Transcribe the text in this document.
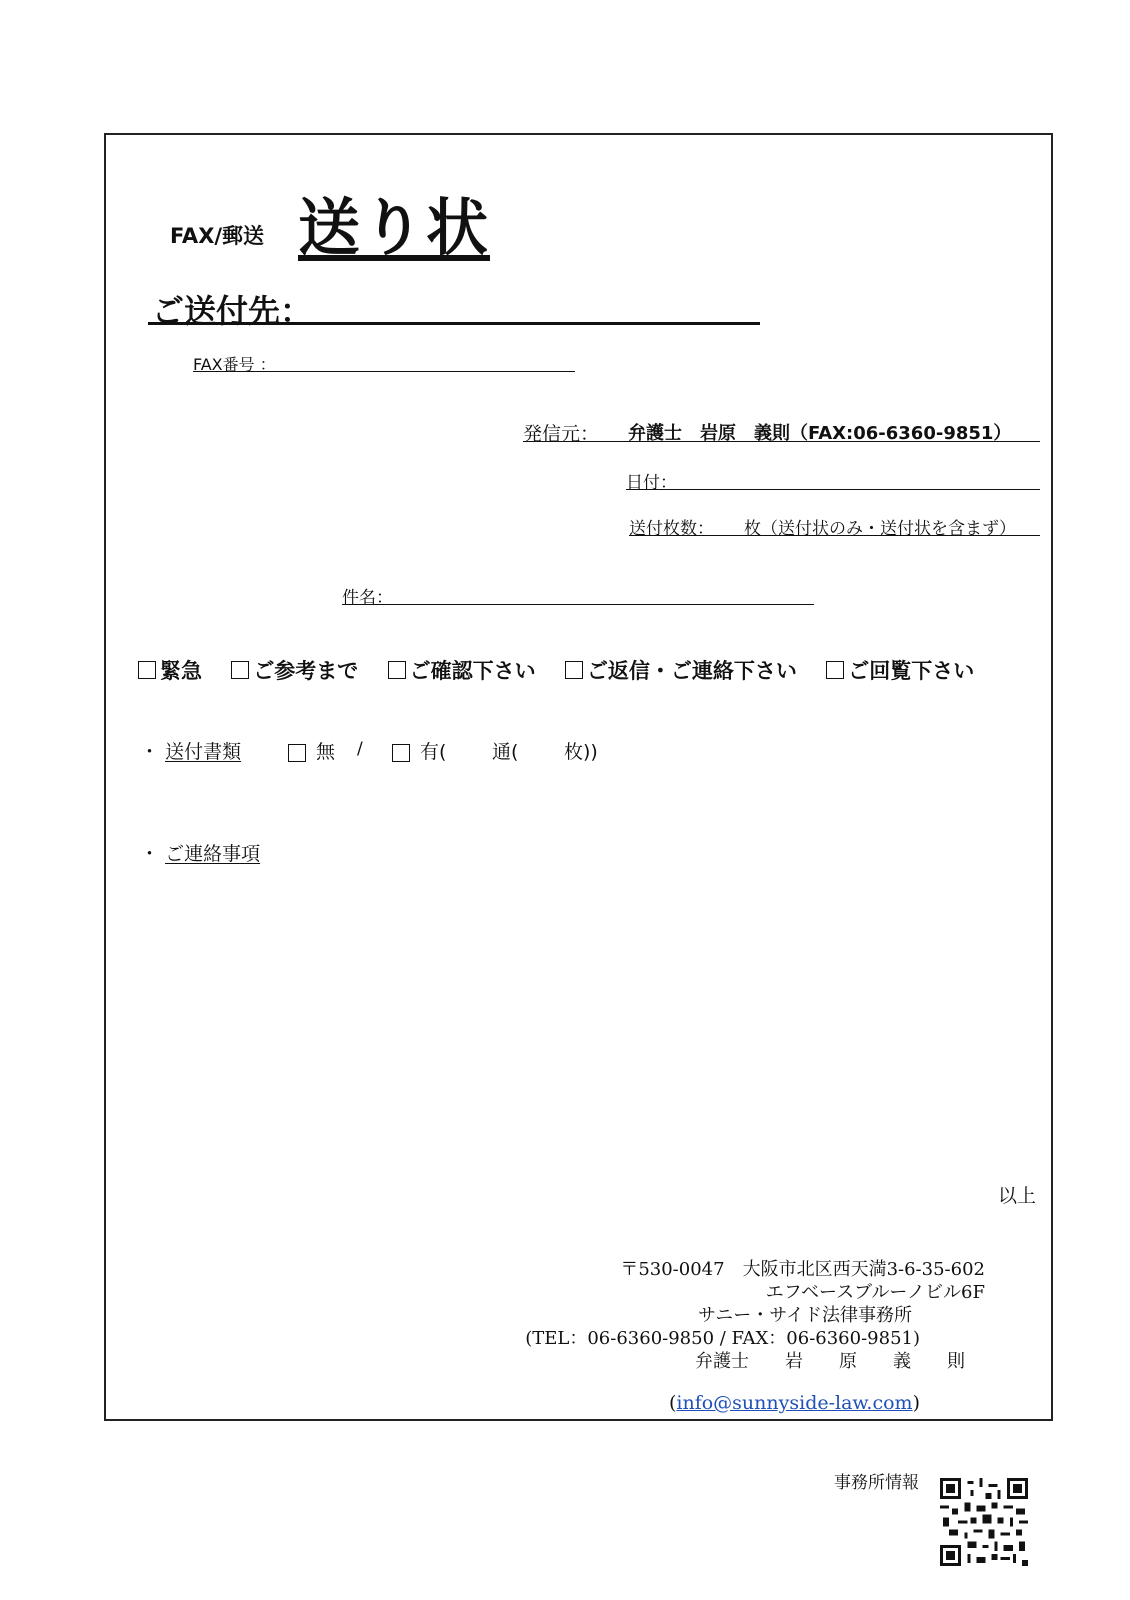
FAX/郵送 送り状
ご送付先：
FAX番号 ：
発信元： 弁護士　岩原　義則（FAX:06-6360-9851）
日付：
送付枚数： 枚（送付状のみ・送付状を含まず）
件名：
緊急
ご参考まで
ご確認下さい
ご返信・ご連絡下さい
ご回覧下さい
・ 送付書類	無 /	有( 通( 枚))
・ ご連絡事項
以上
〒530-0047　大阪市北区西天満3-6-35-602
エフベースブルーノビル6F
サニー・サイド法律事務所
(TEL：06-6360-9850 / FAX：06-6360-9851)
弁護士　　岩　　原　　義　　則
(info@sunnyside-law.com)
事務所情報
